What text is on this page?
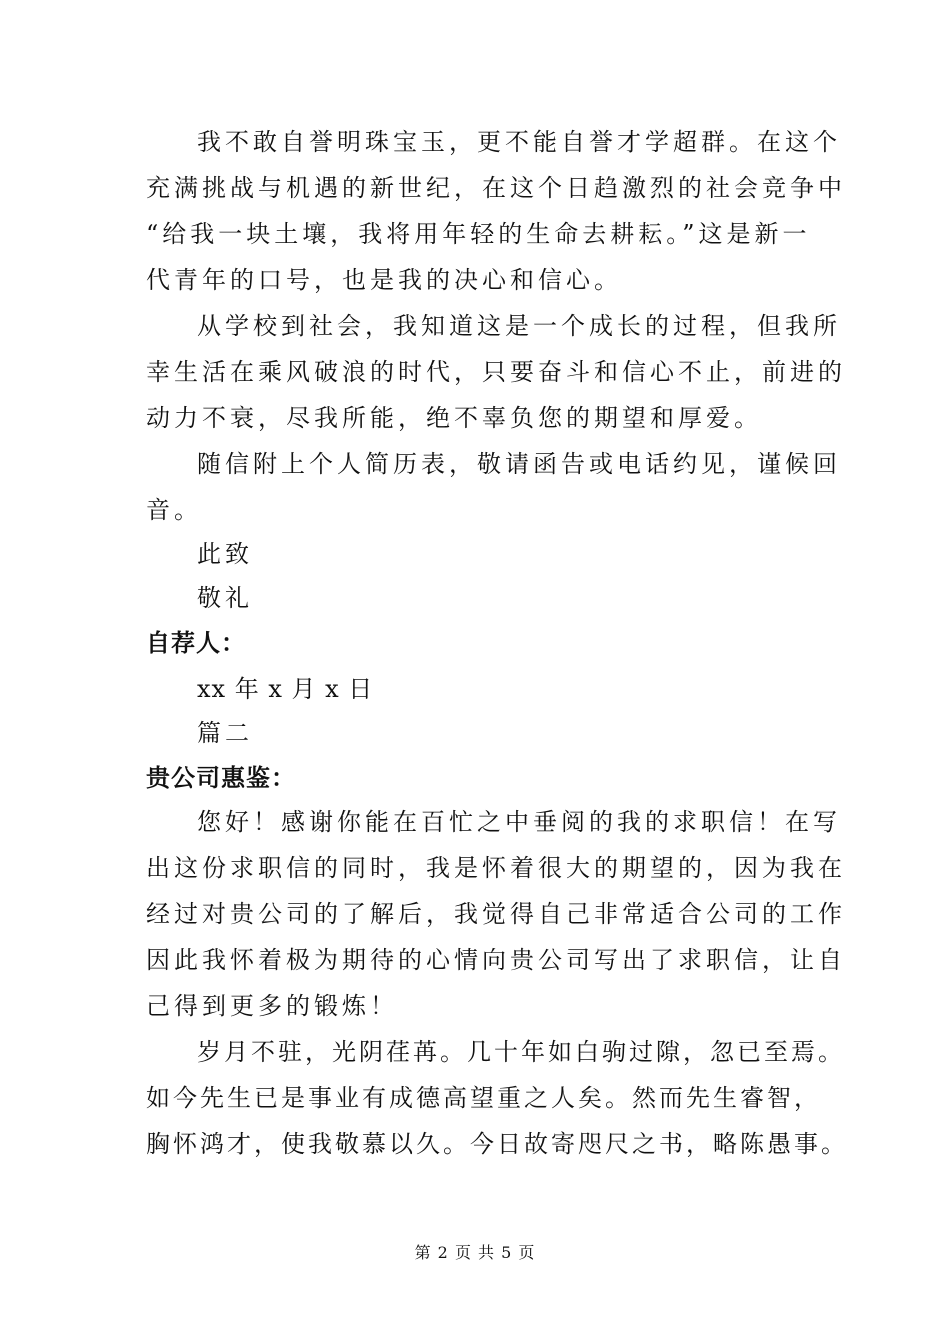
我不敢自誉明珠宝玉，更不能自誉才学超群。在这个
充满挑战与机遇的新世纪，在这个日趋激烈的社会竞争中
“给我一块土壤，我将用年轻的生命去耕耘。”这是新一
代青年的口号，也是我的决心和信心。
从学校到社会，我知道这是一个成长的过程，但我所
幸生活在乘风破浪的时代，只要奋斗和信心不止，前进的
动力不衰，尽我所能，绝不辜负您的期望和厚爱。
随信附上个人简历表，敬请函告或电话约见，谨候回
音。
此致
敬礼
自荐人：
xx 年 x 月 x 日
篇二
贵公司惠鉴：
您好！感谢你能在百忙之中垂阅的我的求职信！在写
出这份求职信的同时，我是怀着很大的期望的，因为我在
经过对贵公司的了解后，我觉得自己非常适合公司的工作
因此我怀着极为期待的心情向贵公司写出了求职信，让自
己得到更多的锻炼！
岁月不驻，光阴荏苒。几十年如白驹过隙，忽已至焉。
如今先生已是事业有成德高望重之人矣。然而先生睿智，
胸怀鸿才，使我敬慕以久。今日故寄咫尺之书，略陈愚事。
第 2 页 共 5 页
